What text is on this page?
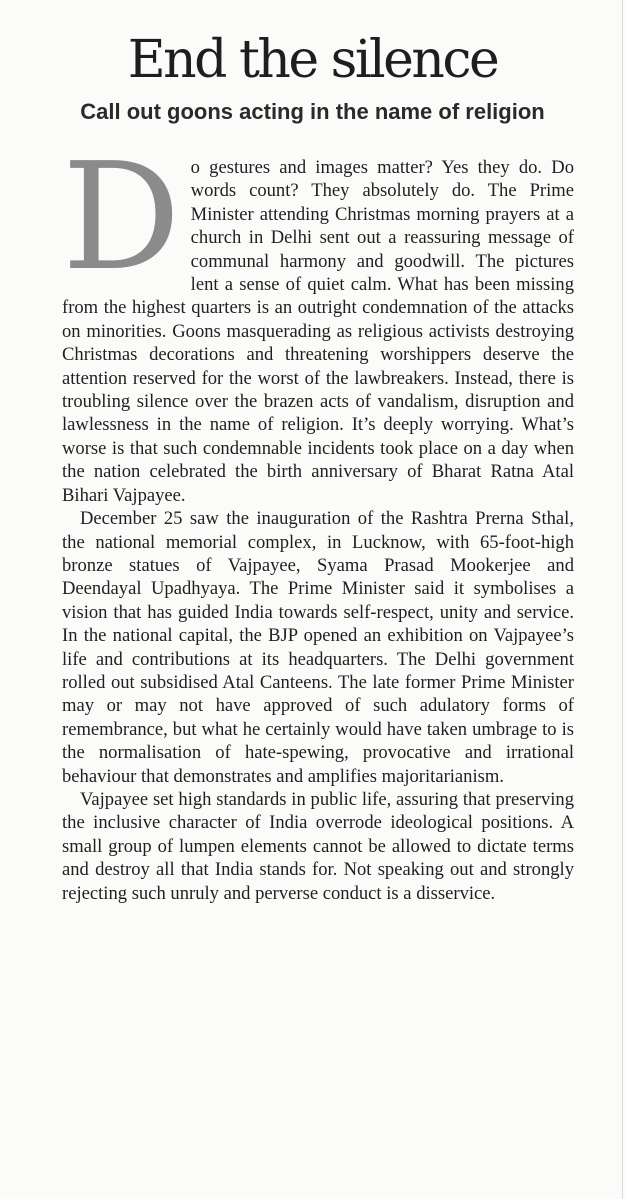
End the silence
Call out goons acting in the name of religion

Do gestures and images matter? Yes they do. Do words count? They absolutely do. The Prime Minister attending Christmas morning prayers at a church in Delhi sent out a reassuring message of communal harmony and goodwill. The pictures lent a sense of quiet calm. What has been missing from the highest quarters is an outright condemnation of the attacks on minorities. Goons masquerading as religious activists destroying Christmas decorations and threatening worshippers deserve the attention reserved for the worst of the lawbreakers. Instead, there is troubling silence over the brazen acts of vandalism, disruption and lawlessness in the name of religion. It’s deeply worrying. What’s worse is that such condemnable incidents took place on a day when the nation celebrated the birth anniversary of Bharat Ratna Atal Bihari Vajpayee.

December 25 saw the inauguration of the Rashtra Prerna Sthal, the national memorial complex, in Lucknow, with 65-foot-high bronze statues of Vajpayee, Syama Prasad Mookerjee and Deendayal Upadhyaya. The Prime Minister said it symbolises a vision that has guided India towards self-respect, unity and service. In the national capital, the BJP opened an exhibition on Vajpayee’s life and contributions at its headquarters. The Delhi government rolled out subsidised Atal Canteens. The late former Prime Minister may or may not have approved of such adulatory forms of remembrance, but what he certainly would have taken umbrage to is the normalisation of hate-spewing, provocative and irrational behaviour that demonstrates and amplifies majoritarianism.

Vajpayee set high standards in public life, assuring that preserving the inclusive character of India overrode ideological positions. A small group of lumpen elements cannot be allowed to dictate terms and destroy all that India stands for. Not speaking out and strongly rejecting such unruly and perverse conduct is a disservice.
